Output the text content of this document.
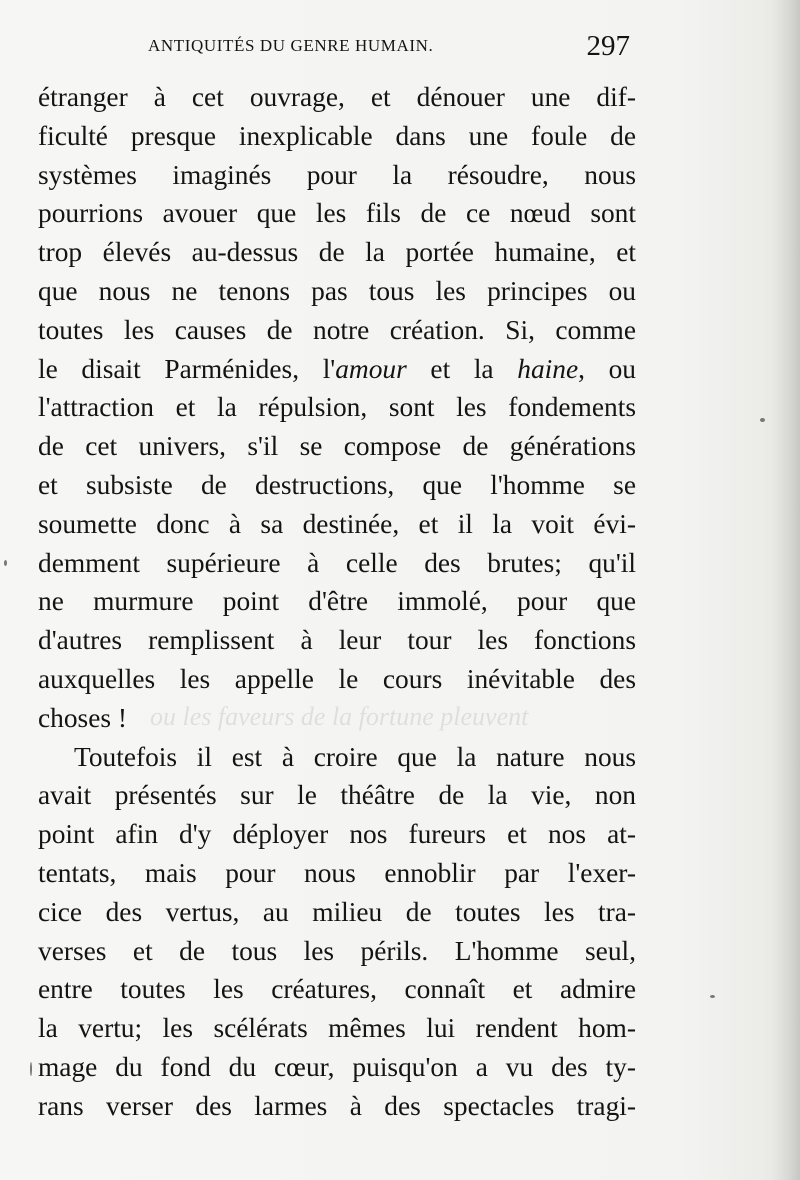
ANTIQUITÉS DU GENRE HUMAIN.	297
ou les faveurs de la fortune pleuvent
étranger à cet ouvrage, et dénouer une dif-
ficulté presque inexplicable dans une foule de
systèmes imaginés pour la résoudre, nous
pourrions avouer que les fils de ce nœud sont
trop élevés au-dessus de la portée humaine, et
que nous ne tenons pas tous les principes ou
toutes les causes de notre création. Si, comme
le disait Parménides, l'amour et la haine, ou
l'attraction et la répulsion, sont les fondements
de cet univers, s'il se compose de générations
et subsiste de destructions, que l'homme se
soumette donc à sa destinée, et il la voit évi-
demment supérieure à celle des brutes; qu'il
ne murmure point d'être immolé, pour que
d'autres remplissent à leur tour les fonctions
auxquelles les appelle le cours inévitable des
choses !
Toutefois il est à croire que la nature nous
avait présentés sur le théâtre de la vie, non
point afin d'y déployer nos fureurs et nos at-
tentats, mais pour nous ennoblir par l'exer-
cice des vertus, au milieu de toutes les tra-
verses et de tous les périls. L'homme seul,
entre toutes les créatures, connaît et admire
la vertu; les scélérats mêmes lui rendent hom-
mage du fond du cœur, puisqu'on a vu des ty-
rans verser des larmes à des spectacles tragi-
